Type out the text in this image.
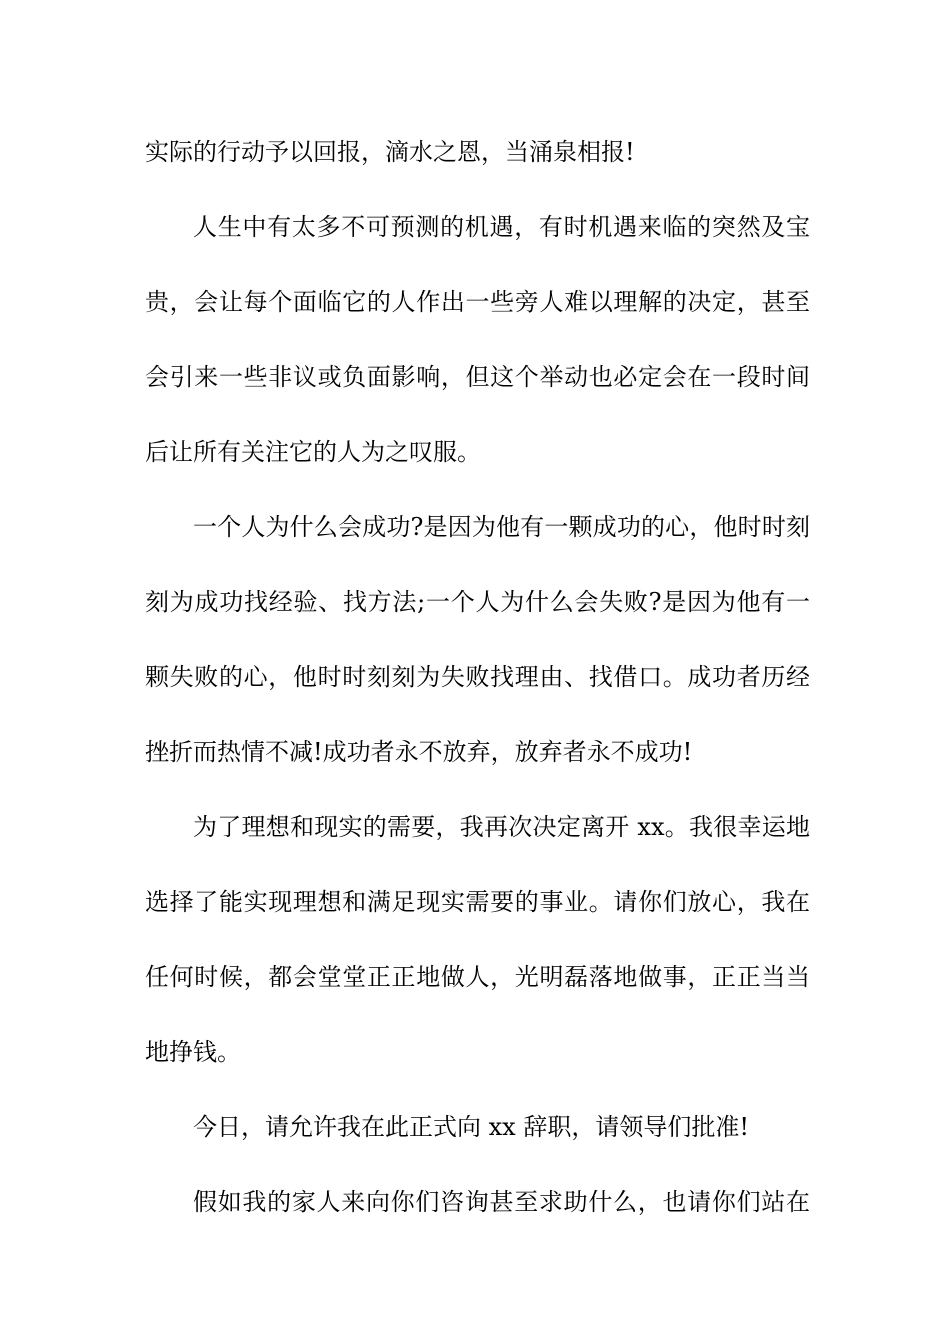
实际的行动予以回报，滴水之恩，当涌泉相报!
人生中有太多不可预测的机遇，有时机遇来临的突然及宝
贵，会让每个面临它的人作出一些旁人难以理解的决定，甚至
会引来一些非议或负面影响，但这个举动也必定会在一段时间
后让所有关注它的人为之叹服。
一个人为什么会成功?是因为他有一颗成功的心，他时时刻
刻为成功找经验、找方法;一个人为什么会失败?是因为他有一
颗失败的心，他时时刻刻为失败找理由、找借口。成功者历经
挫折而热情不减!成功者永不放弃，放弃者永不成功!
为了理想和现实的需要，我再次决定离开 xx。我很幸运地
选择了能实现理想和满足现实需要的事业。请你们放心，我在
任何时候，都会堂堂正正地做人，光明磊落地做事，正正当当
地挣钱。
今日，请允许我在此正式向 xx 辞职，请领导们批准!
假如我的家人来向你们咨询甚至求助什么，也请你们站在
